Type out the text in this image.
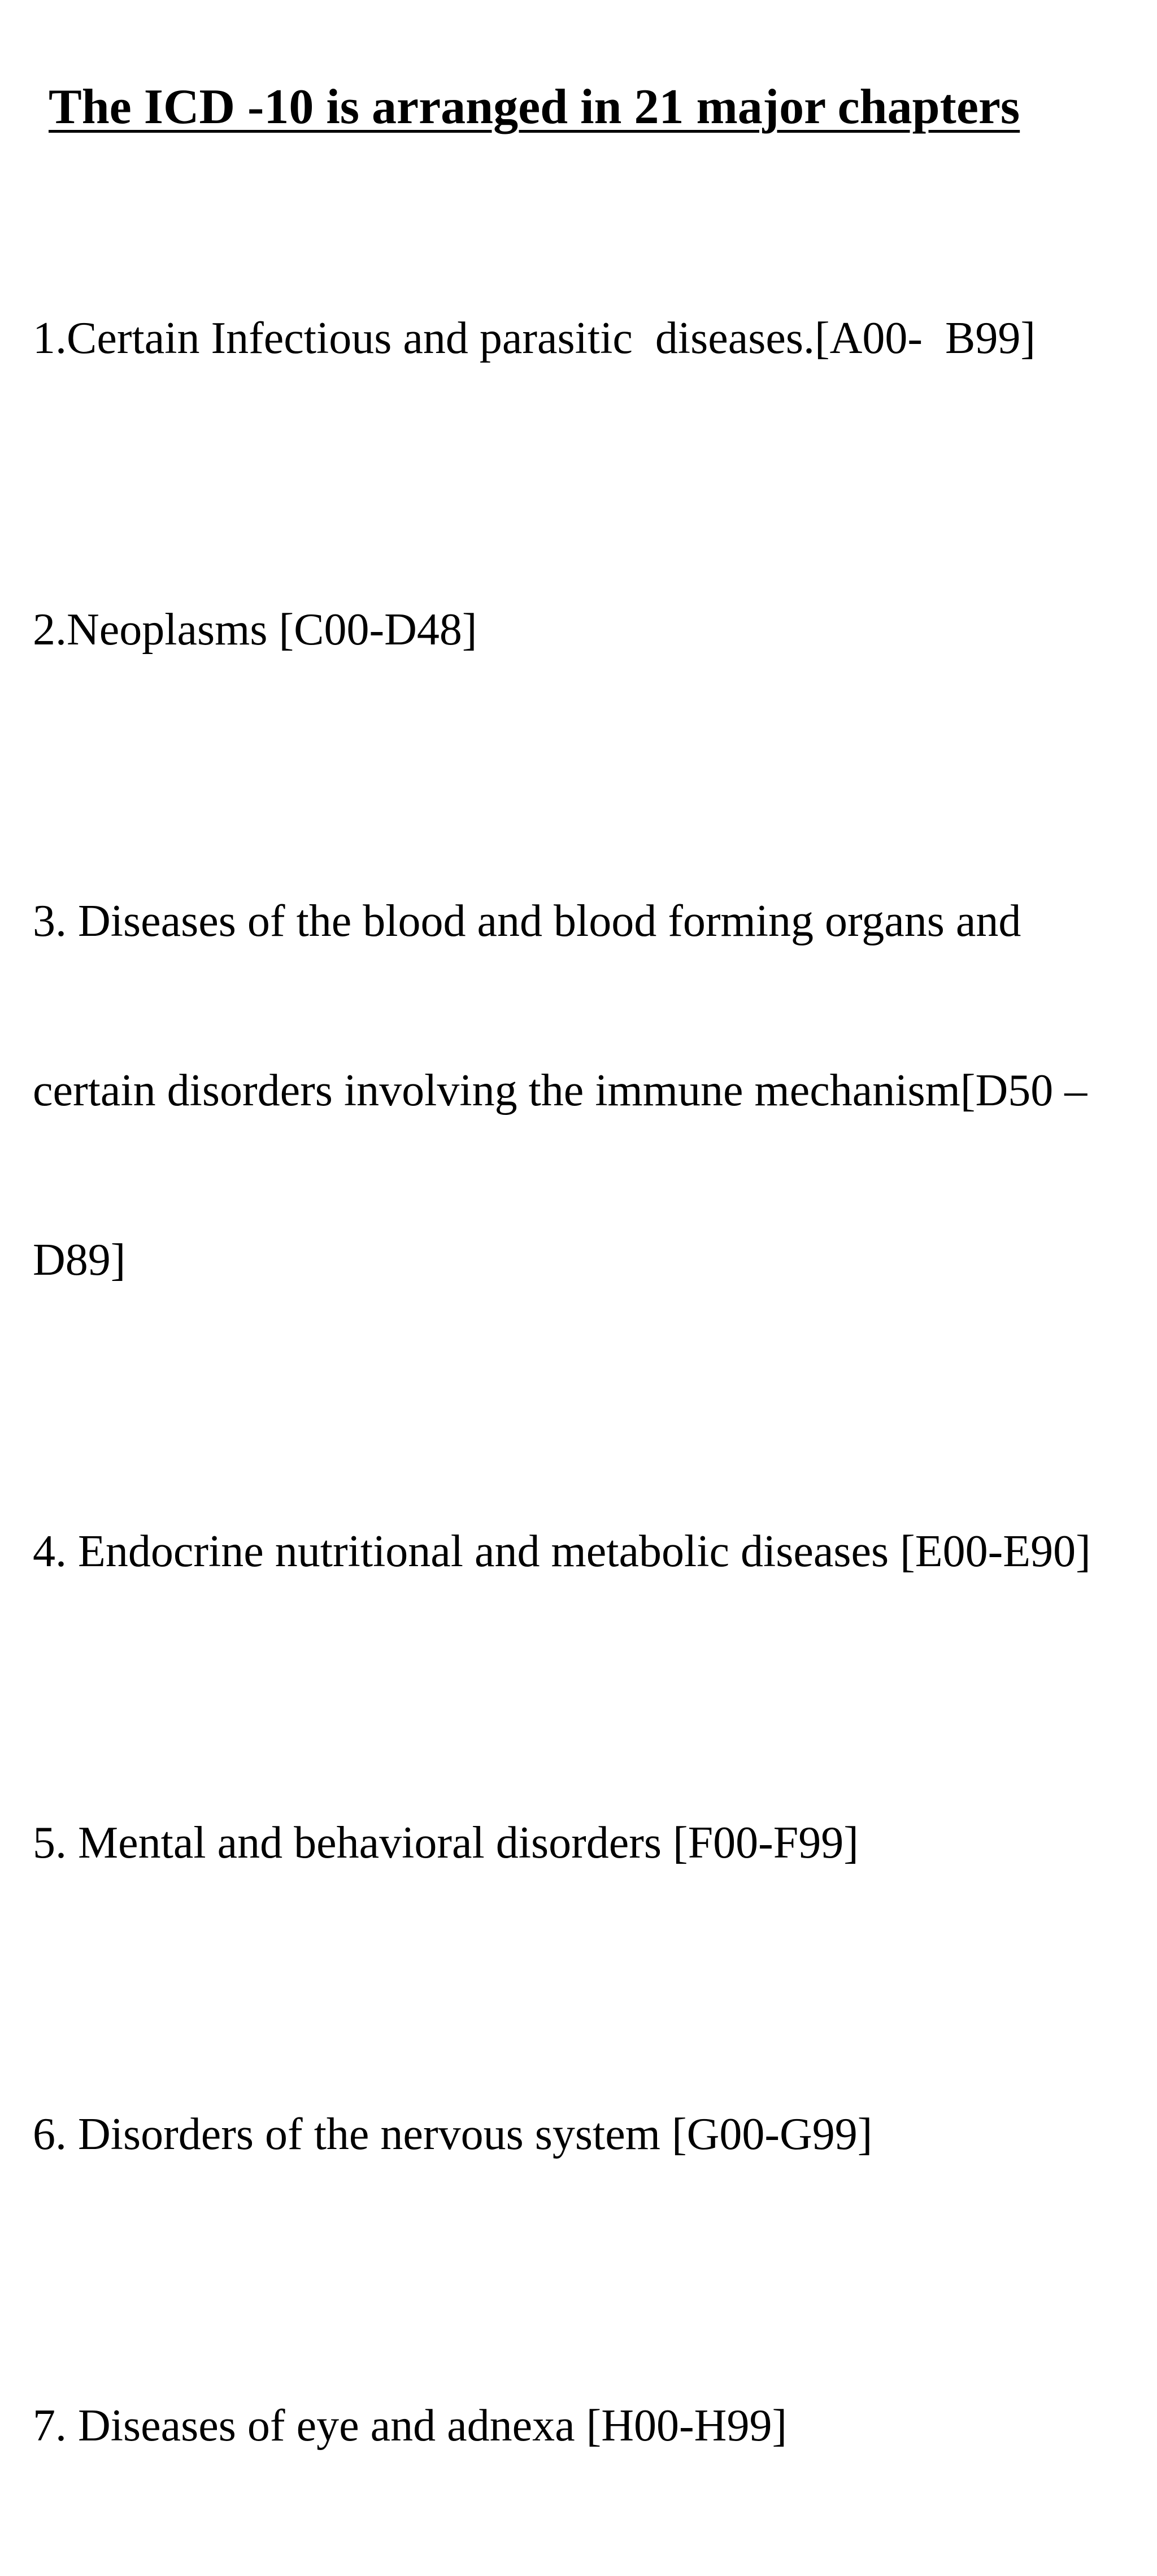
The ICD -10 is arranged in 21 major chapters

1.Certain Infectious and parasitic  diseases.[A00-  B99]

2.Neoplasms [C00-D48]

3. Diseases of the blood and blood forming organs and

certain disorders involving the immune mechanism[D50 –

D89]

4. Endocrine nutritional and metabolic diseases [E00-E90]

5. Mental and behavioral disorders [F00-F99]

6. Disorders of the nervous system [G00-G99]

7. Diseases of eye and adnexa [H00-H99]
